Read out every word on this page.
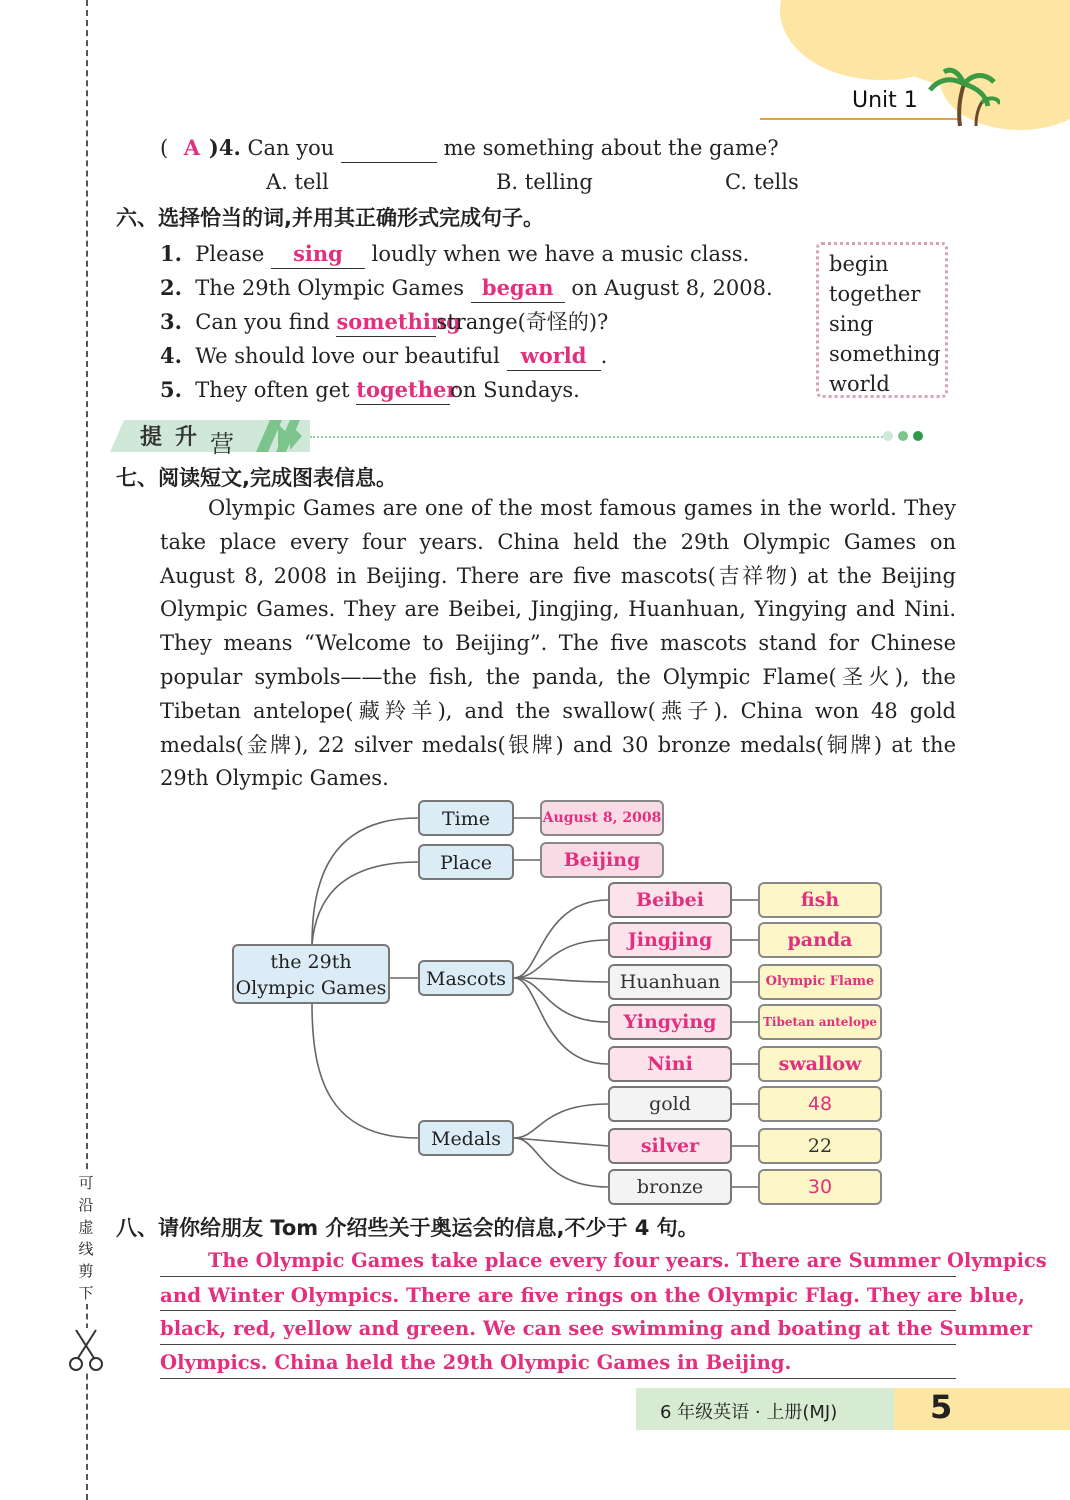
Unit 1
可沿虚线剪下
( A )4. Can you	me something about the game?
A. tell	B. telling	C. tells
六、选择恰当的词,并用其正确形式完成句子。
1. Please sing loudly when we have a music class.
2. The 29th Olympic Games began on August 8, 2008.
3. Can you find somethingstrange(奇怪的)?
4. We should love our beautiful world .
5. They often get togetheron Sundays.
begin
together
sing
something
world
提 升 营
七、阅读短文,完成图表信息。

Olympic Games are one of the most famous games in the world. They take place every four years. China held the 29th Olympic Games on August 8, 2008 in Beijing. There are five mascots(吉祥物) at the Beijing Olympic Games. They are Beibei, Jingjing, Huanhuan, Yingying and Nini. They means “Welcome to Beijing”. The five mascots stand for Chinese popular symbols——the fish, the panda, the Olympic Flame(圣火), the Tibetan antelope(藏羚羊), and the swallow(燕子). China won 48 gold medals(金牌), 22 silver medals(银牌) and 30 bronze medals(铜牌) at the 29th Olympic Games.

the 29th
Olympic Games
Time
Place
Mascots
Medals
August 8, 2008
Beijing
Beibei
Jingjing
Huanhuan
Yingying
Nini
gold
silver
bronze
fish
panda
Olympic Flame
Tibetan antelope
swallow
48
22
30
八、请你给朋友 Tom 介绍些关于奥运会的信息,不少于 4 句。
The Olympic Games take place every four years. There are Summer Olympics
and Winter Olympics. There are five rings on the Olympic Flag. They are blue,
black, red, yellow and green. We can see swimming and boating at the Summer
Olympics. China held the 29th Olympic Games in Beijing.
6 年级英语 · 上册(MJ)	5
